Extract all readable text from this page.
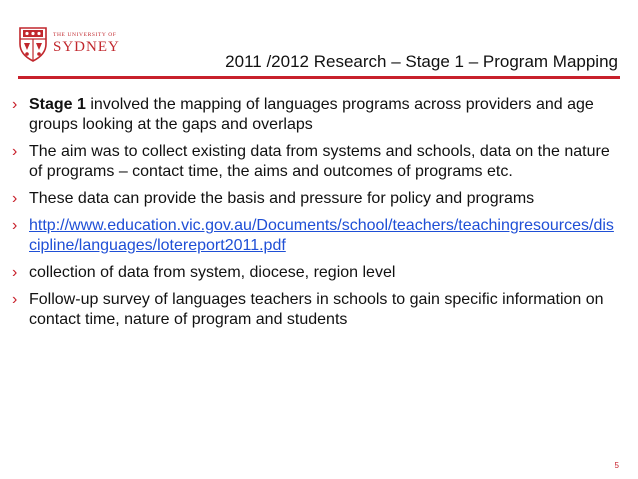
THE UNIVERSITY OF
SYDNEY
2011 /2012 Research – Stage 1 – Program Mapping
› Stage 1 involved the mapping of languages programs across providers and age groups looking at the gaps and overlaps
› The aim was to collect existing data from systems and schools, data on the nature of programs – contact time, the aims and outcomes of programs etc.
› These data can provide the basis and pressure for policy and programs
› http://www.education.vic.gov.au/Documents/school/teachers/teachingresources/discipline/languages/lotereport2011.pdf
› collection of data from system, diocese, region level
› Follow-up survey of languages teachers in schools to gain specific information on contact time, nature of program and students
5
